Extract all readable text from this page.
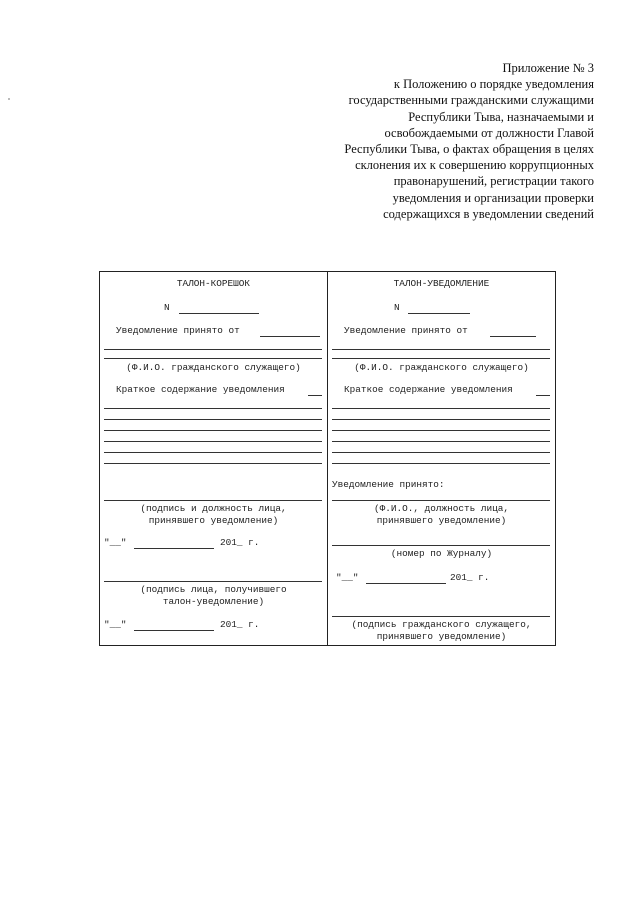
Приложение № 3
к Положению о порядке уведомления
государственными гражданскими служащими
Республики Тыва, назначаемыми и
освобождаемыми от должности Главой
Республики Тыва, о фактах обращения в целях
склонения их к совершению коррупционных
правонарушений, регистрации такого
уведомления и организации проверки
содержащихся в уведомлении сведений
ТАЛОН-КОРЕШОК
N
Уведомление принято от
(Ф.И.О. гражданского служащего)
Краткое содержание уведомления
(подпись и должность лица,
принявшего уведомление)
"__"	201_ г.
(подпись лица, получившего
талон-уведомление)
"__"	201_ г.
ТАЛОН-УВЕДОМЛЕНИЕ
N
Уведомление принято от
(Ф.И.О. гражданского служащего)
Краткое содержание уведомления
Уведомление принято:
(Ф.И.О., должность лица,
принявшего уведомление)
(номер по Журналу)
"__"	201_ г.
(подпись гражданского служащего,
принявшего уведомление)
